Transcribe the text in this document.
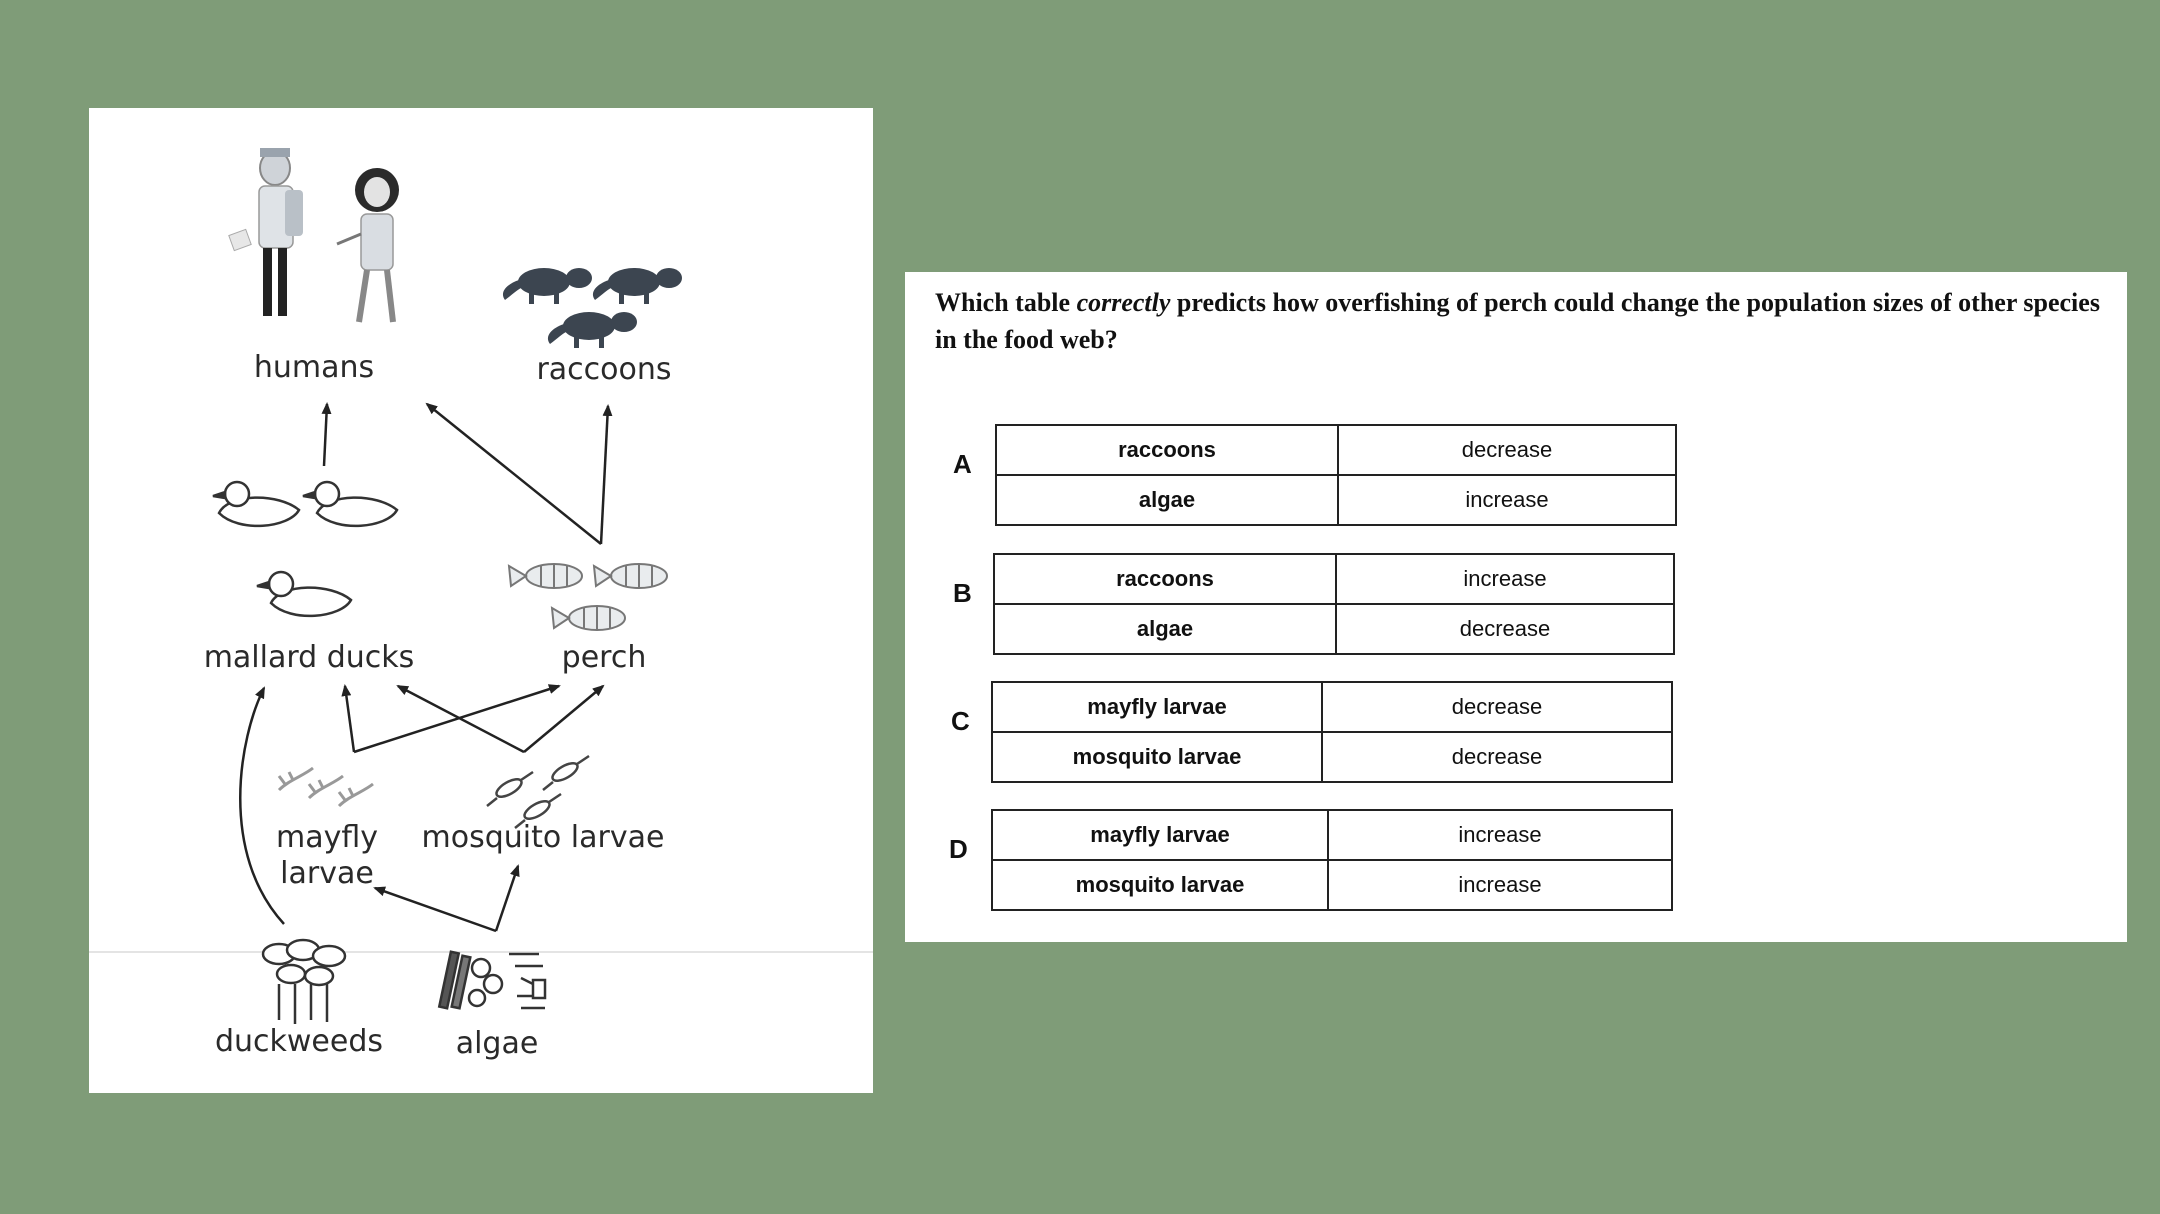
humans	raccoons
mallard ducks	perch
mayfly
larvae
mosquito larvae
duckweeds algae
Which table correctly predicts how overfishing of perch could change the population sizes of other species in the food web?
A	raccoons	decrease
algae	increase
B	raccoons	increase
algae	decrease
C	mayfly larvae	decrease
mosquito larvae	decrease
D	mayfly larvae	increase
mosquito larvae	increase
